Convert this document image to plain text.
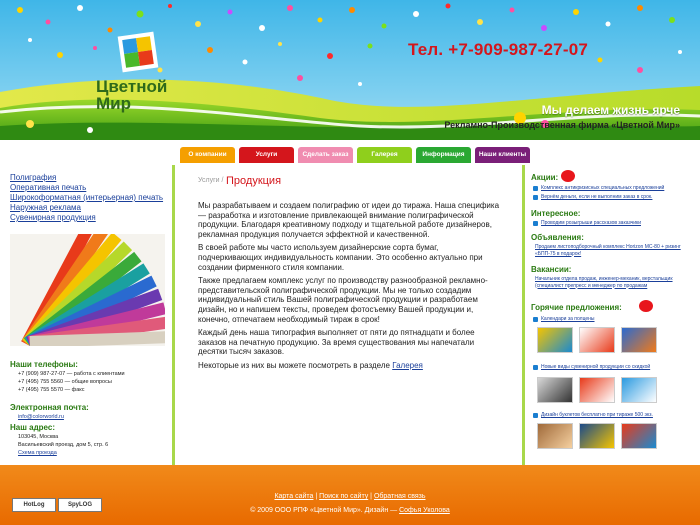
Цветной
Мир
Тел. +7-909-987-27-07
Мы делаем жизнь ярче
Рекламно-Производственная фирма «Цветной Мир»
О компании	Услуги	Сделать заказ	Галерея	Информация	Наши клиенты
Полиграфия
Оперативная печать
Широкоформатная (интерьерная) печать
Наружная реклама
Сувенирная продукция
Наши телефоны:
+7 (909) 987-27-07 — работа с клиентами
+7 (495) 755 5560 — общие вопросы
+7 (495) 755 5570 — факс
Электронная почта:
info@colorworld.ru
Наш адрес:
103045, Москва
Васильевский проезд, дом 5, стр. 6
Схема проезда
Услуги / Продукция

Мы разрабатываем и создаем полиграфию от идеи до тиража. Наша специфика — разработка и изготовление привлекающей внимание полиграфической продукции. Благодаря креативному подходу и тщательной работе дизайнеров, рекламная продукция получается эффектной и качественной.

В своей работе мы часто используем дизайнерские сорта бумаг, подчеркивающих индивидуальность компании. Это особенно актуально при создании фирменного стиля компании.

Также предлагаем комплекс услуг по производству разнообразной рекламно-представительской полиграфической продукции. Мы не только создадим индивидуальный стиль Вашей полиграфической продукции и разработаем дизайн, но и напишем тексты, проведем фотосъемку Вашей продукции и, конечно, отпечатаем необходимый тираж в срок!

Каждый день наша типография выполняет от пяти до пятнадцати и более заказов на печатную продукцию. За время существования мы напечатали десятки тысяч заказов.

Некоторые из них вы можете посмотреть в разделе Галерея

Акции:
Комплекс антикризисных специальных предложений
Вернём деньги, если не выполним заказ в срок.
Интересное:
Проводим розыгрыши рассказов заказчики
Объявления:
Продаем листоподборочный комплекс Horizon MC-80 + ризинг «БПП-75 в подарок!
Вакансии:
Начальник отдела продаж, инженер-механик, верстальщик (специалист препресс и менеджер по продажам
Горячие предложения:
Календари за полцены
Новые виды сувенирной продукции со скидкой
Дизайн буклетов бесплатно при тираже 500 экз.
Карта сайта | Поиск по сайту | Обратная связь
© 2009 ООО РПФ «Цветной Мир». Дизайн — Софья Уколова
HotLog	SpyLOG
